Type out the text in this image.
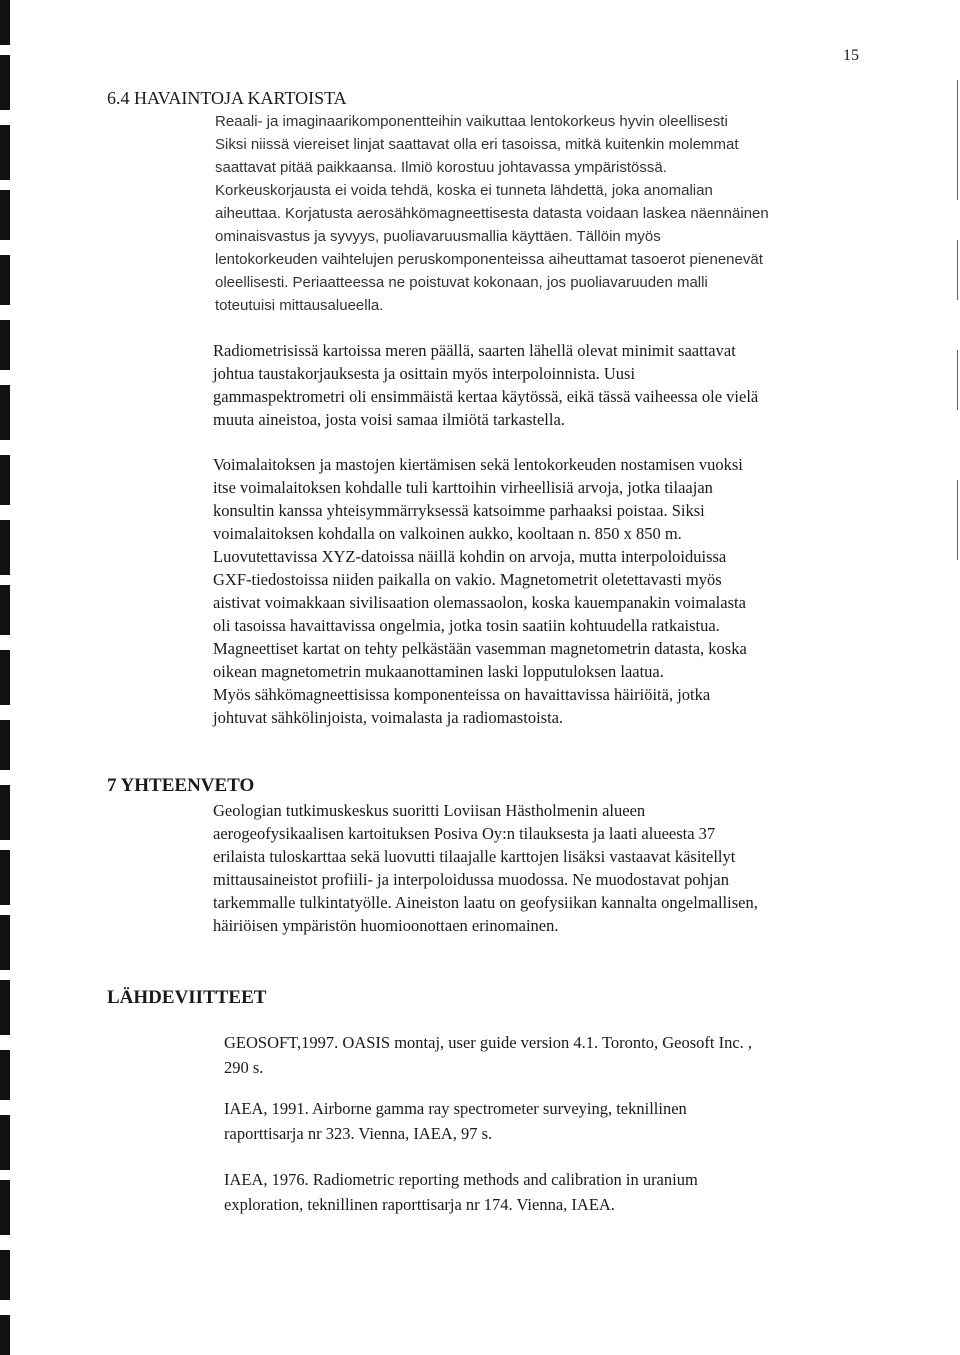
15
6.4 HAVAINTOJA KARTOISTA
Reaali- ja imaginaarikomponentteihin vaikuttaa lentokorkeus hyvin oleellisesti
Siksi niissä viereiset linjat saattavat olla eri tasoissa, mitkä kuitenkin molemmat
saattavat pitää paikkaansa. Ilmiö korostuu johtavassa ympäristössä.
Korkeuskorjausta ei voida tehdä, koska ei tunneta lähdettä, joka anomalian
aiheuttaa. Korjatusta aerosähkömagneettisesta datasta voidaan laskea näennäinen
ominaisvastus ja syvyys, puoliavaruusmallia käyttäen. Tällöin myös
lentokorkeuden vaihtelujen peruskomponenteissa aiheuttamat tasoerot pienenevät
oleellisesti. Periaatteessa ne poistuvat kokonaan, jos puoliavaruuden malli
toteutuisi mittausalueella.
Radiometrisissä kartoissa meren päällä, saarten lähellä olevat minimit saattavat
johtua taustakorjauksesta ja osittain myös interpoloinnista. Uusi
gammaspektrometri oli ensimmäistä kertaa käytössä, eikä tässä vaiheessa ole vielä
muuta aineistoa, josta voisi samaa ilmiötä tarkastella.
Voimalaitoksen ja mastojen kiertämisen sekä lentokorkeuden nostamisen vuoksi
itse voimalaitoksen kohdalle tuli karttoihin virheellisiä arvoja, jotka tilaajan
konsultin kanssa yhteisymmärryksessä katsoimme parhaaksi poistaa. Siksi
voimalaitoksen kohdalla on valkoinen aukko, kooltaan n. 850 x 850 m.
Luovutettavissa XYZ-datoissa näillä kohdin on arvoja, mutta interpoloiduissa
GXF-tiedostoissa niiden paikalla on vakio. Magnetometrit oletettavasti myös
aistivat voimakkaan sivilisaation olemassaolon, koska kauempanakin voimalasta
oli tasoissa havaittavissa ongelmia, jotka tosin saatiin kohtuudella ratkaistua.
Magneettiset kartat on tehty pelkästään vasemman magnetometrin datasta, koska
oikean magnetometrin mukaanottaminen laski lopputuloksen laatua.
Myös sähkömagneettisissa komponenteissa on havaittavissa häiriöitä, jotka
johtuvat sähkölinjoista, voimalasta ja radiomastoista.
7 YHTEENVETO
Geologian tutkimuskeskus suoritti Loviisan Hästholmenin alueen
aerogeofysikaalisen kartoituksen Posiva Oy:n tilauksesta ja laati alueesta 37
erilaista tuloskarttaa sekä luovutti tilaajalle karttojen lisäksi vastaavat käsitellyt
mittausaineistot profiili- ja interpoloidussa muodossa. Ne muodostavat pohjan
tarkemmalle tulkintatyölle. Aineiston laatu on geofysiikan kannalta ongelmallisen,
häiriöisen ympäristön huomioonottaen erinomainen.
LÄHDEVIITTEET
GEOSOFT,1997. OASIS montaj, user guide version 4.1. Toronto, Geosoft Inc. ,
290 s.
IAEA, 1991. Airborne gamma ray spectrometer surveying, teknillinen
raporttisarja nr 323. Vienna, IAEA, 97 s.
IAEA, 1976. Radiometric reporting methods and calibration in uranium
exploration, teknillinen raporttisarja nr 174. Vienna, IAEA.
